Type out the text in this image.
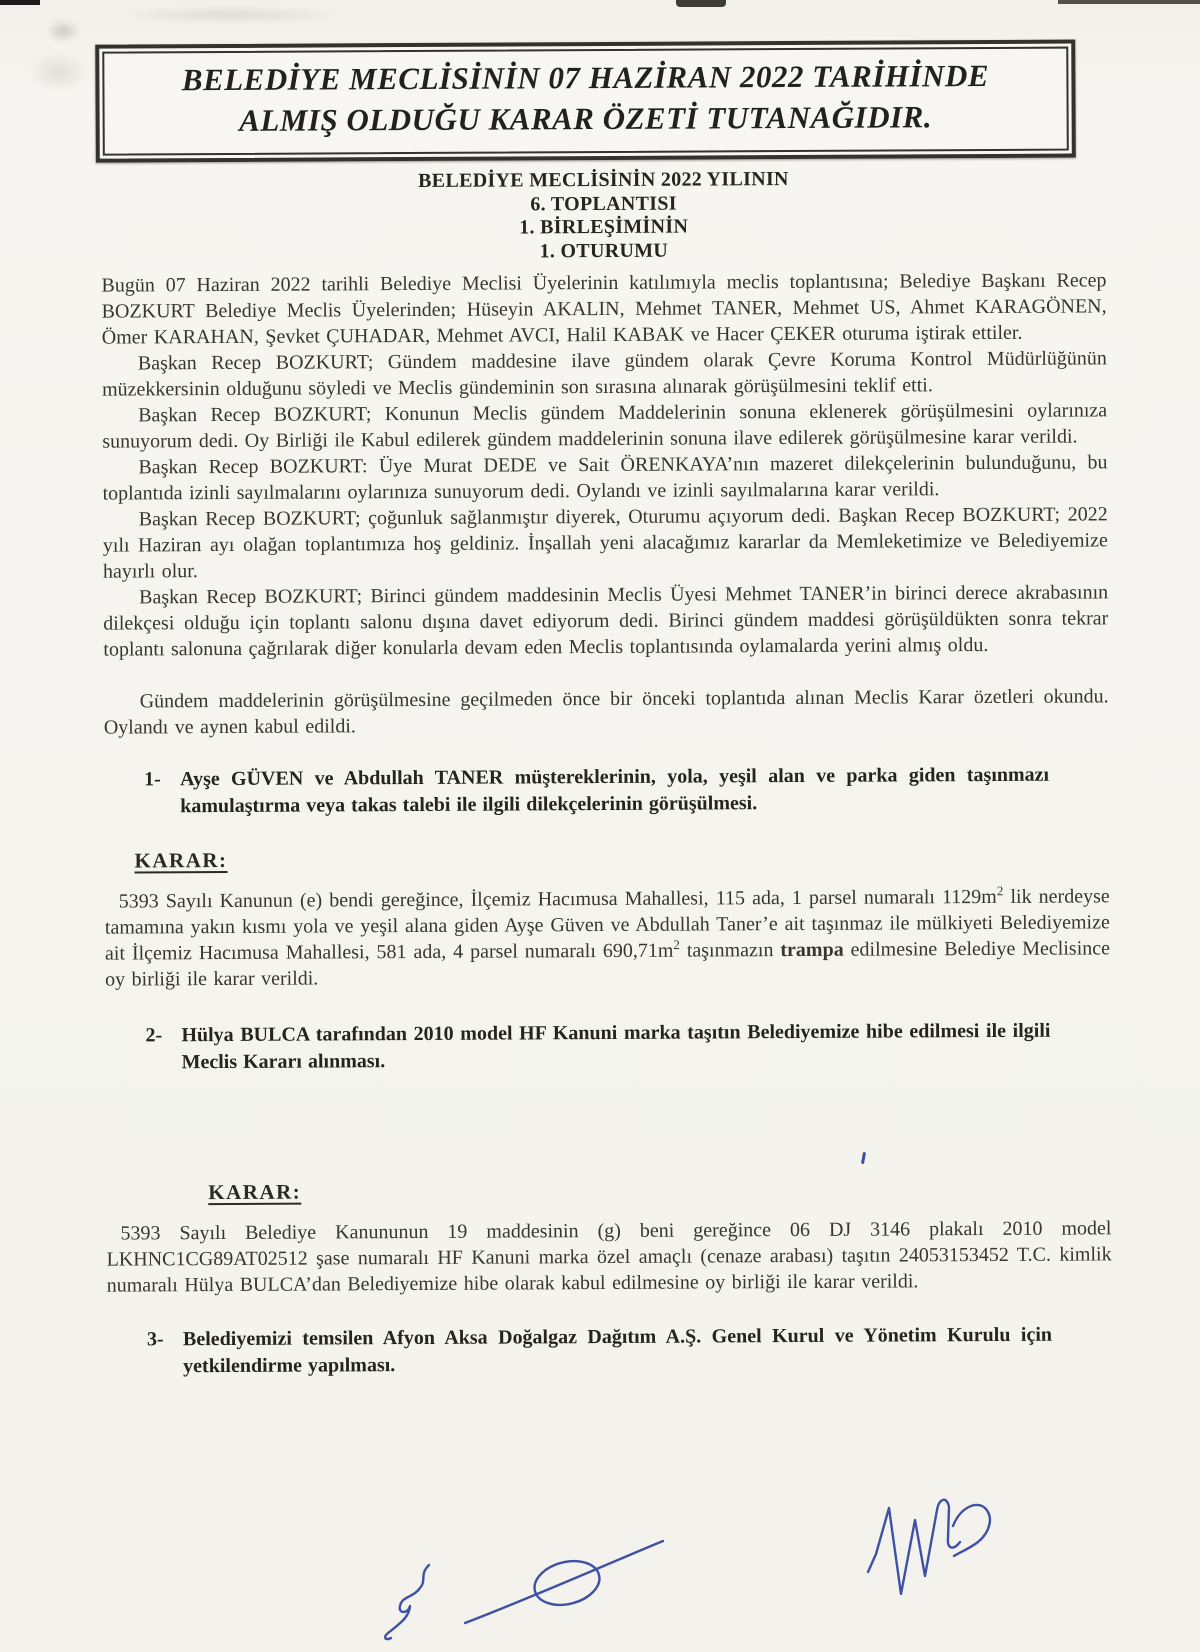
BELEDİYE MECLİSİNİN 07 HAZİRAN 2022 TARİHİNDE
ALMIŞ OLDUĞU KARAR ÖZETİ TUTANAĞIDIR.
BELEDİYE MECLİSİNİN 2022 YILININ
6. TOPLANTISI
1. BİRLEŞİMİNİN
1. OTURUMU

Bugün 07 Haziran 2022 tarihli Belediye Meclisi Üyelerinin katılımıyla meclis toplantısına; Belediye Başkanı Recep BOZKURT Belediye Meclis Üyelerinden; Hüseyin AKALIN, Mehmet TANER, Mehmet US, Ahmet KARAGÖNEN, Ömer KARAHAN, Şevket ÇUHADAR, Mehmet AVCI, Halil KABAK ve Hacer ÇEKER oturuma iştirak ettiler.

Başkan Recep BOZKURT; Gündem maddesine ilave gündem olarak Çevre Koruma Kontrol Müdürlüğünün müzekkersinin olduğunu söyledi ve Meclis gündeminin son sırasına alınarak görüşülmesini teklif etti.

Başkan Recep BOZKURT; Konunun Meclis gündem Maddelerinin sonuna eklenerek görüşülmesini oylarınıza sunuyorum dedi. Oy Birliği ile Kabul edilerek gündem maddelerinin sonuna ilave edilerek görüşülmesine karar verildi.

Başkan Recep BOZKURT: Üye Murat DEDE ve Sait ÖRENKAYA’nın mazeret dilekçelerinin bulunduğunu, bu toplantıda izinli sayılmalarını oylarınıza sunuyorum dedi. Oylandı ve izinli sayılmalarına karar verildi.

Başkan Recep BOZKURT; çoğunluk sağlanmıştır diyerek, Oturumu açıyorum dedi. Başkan Recep BOZKURT; 2022 yılı Haziran ayı olağan toplantımıza hoş geldiniz. İnşallah yeni alacağımız kararlar da Memleketimize ve Belediyemize hayırlı olur.

Başkan Recep BOZKURT; Birinci gündem maddesinin Meclis Üyesi Mehmet TANER’in birinci derece akrabasının dilekçesi olduğu için toplantı salonu dışına davet ediyorum dedi. Birinci gündem maddesi görüşüldükten sonra tekrar toplantı salonuna çağrılarak diğer konularla devam eden Meclis toplantısında oylamalarda yerini almış oldu.

Gündem maddelerinin görüşülmesine geçilmeden önce bir önceki toplantıda alınan Meclis Karar özetleri okundu. Oylandı ve aynen kabul edildi.

1- Ayşe GÜVEN ve Abdullah TANER müştereklerinin, yola, yeşil alan ve parka giden taşınmazı kamulaştırma veya takas talebi ile ilgili dilekçelerinin görüşülmesi.
KARAR:

5393 Sayılı Kanunun (e) bendi gereğince, İlçemiz Hacımusa Mahallesi, 115 ada, 1 parsel numaralı $1129m^2$ lik nerdeyse tamamına yakın kısmı yola ve yeşil alana giden Ayşe Güven ve Abdullah Taner’e ait taşınmaz ile mülkiyeti Belediyemize ait İlçemiz Hacımusa Mahallesi, 581 ada, 4 parsel numaralı $690,71m^2$ taşınmazın trampa edilmesine Belediye Meclisince oy birliği ile karar verildi.

2- Hülya BULCA tarafından 2010 model HF Kanuni marka taşıtın Belediyemize hibe edilmesi ile ilgili Meclis Kararı alınması.
KARAR:

5393 Sayılı Belediye Kanununun 19 maddesinin (g) beni gereğince 06 DJ 3146 plakalı 2010 model LKHNC1CG89AT02512 şase numaralı HF Kanuni marka özel amaçlı (cenaze arabası) taşıtın 24053153452 T.C. kimlik numaralı Hülya BULCA’dan Belediyemize hibe olarak kabul edilmesine oy birliği ile karar verildi.

3- Belediyemizi temsilen Afyon Aksa Doğalgaz Dağıtım A.Ş. Genel Kurul ve Yönetim Kurulu için yetkilendirme yapılması.
